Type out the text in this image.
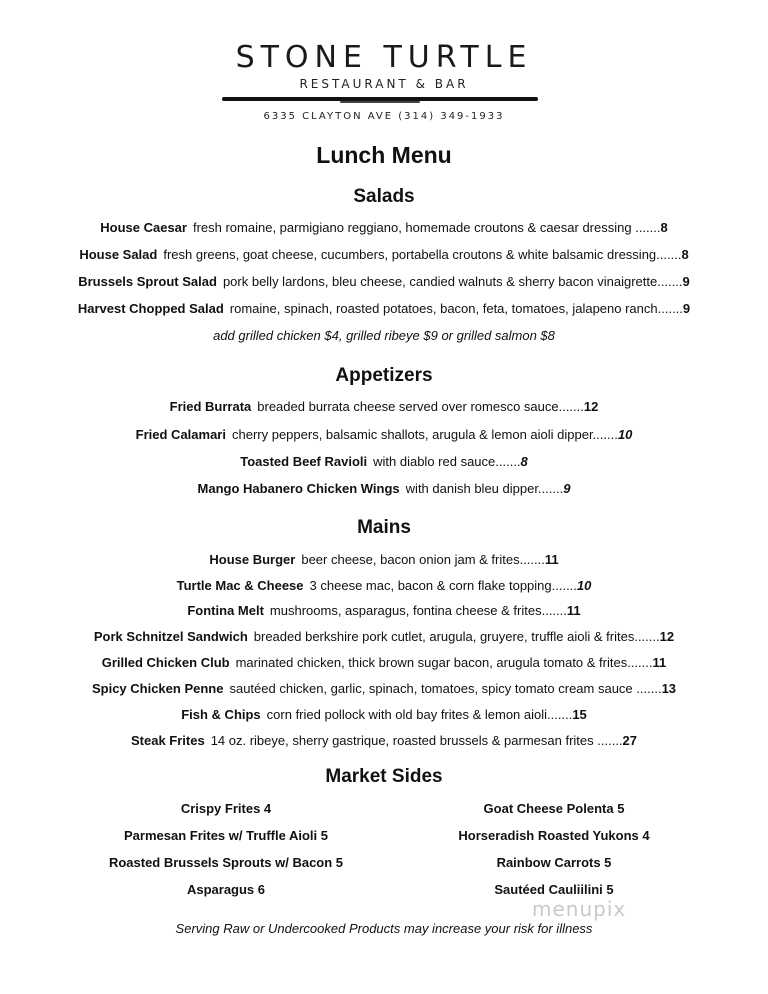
STONE TURTLE
RESTAURANT & BAR
6335 CLAYTON AVE (314) 349-1933
Lunch Menu
Salads
House Caesar fresh romaine, parmigiano reggiano, homemade croutons & caesar dressing .......8
House Salad fresh greens, goat cheese, cucumbers, portabella croutons & white balsamic dressing.......8
Brussels Sprout Salad pork belly lardons, bleu cheese, candied walnuts & sherry bacon vinaigrette.......9
Harvest Chopped Salad romaine, spinach, roasted potatoes, bacon, feta, tomatoes, jalapeno ranch.......9
add grilled chicken $4, grilled ribeye $9 or grilled salmon $8
Appetizers
Fried Burrata breaded burrata cheese served over romesco sauce.......12
Fried Calamari cherry peppers, balsamic shallots, arugula & lemon aioli dipper.......10
Toasted Beef Ravioli with diablo red sauce.......8
Mango Habanero Chicken Wings with danish bleu dipper.......9
Mains
House Burger beer cheese, bacon onion jam & frites.......11
Turtle Mac & Cheese 3 cheese mac, bacon & corn flake topping.......10
Fontina Melt mushrooms, asparagus, fontina cheese & frites.......11
Pork Schnitzel Sandwich breaded berkshire pork cutlet, arugula, gruyere, truffle aioli & frites.......12
Grilled Chicken Club marinated chicken, thick brown sugar bacon, arugula tomato & frites.......11
Spicy Chicken Penne sautéed chicken, garlic, spinach, tomatoes, spicy tomato cream sauce .......13
Fish & Chips corn fried pollock with old bay frites & lemon aioli.......15
Steak Frites 14 oz. ribeye, sherry gastrique, roasted brussels & parmesan frites .......27
Market Sides
Crispy Frites 4
Parmesan Frites w/ Truffle Aioli 5
Roasted Brussels Sprouts w/ Bacon 5
Asparagus 6
Goat Cheese Polenta 5
Horseradish Roasted Yukons 4
Rainbow Carrots 5
Sautéed Cauliilini 5
menupix
Serving Raw or Undercooked Products may increase your risk for illness
